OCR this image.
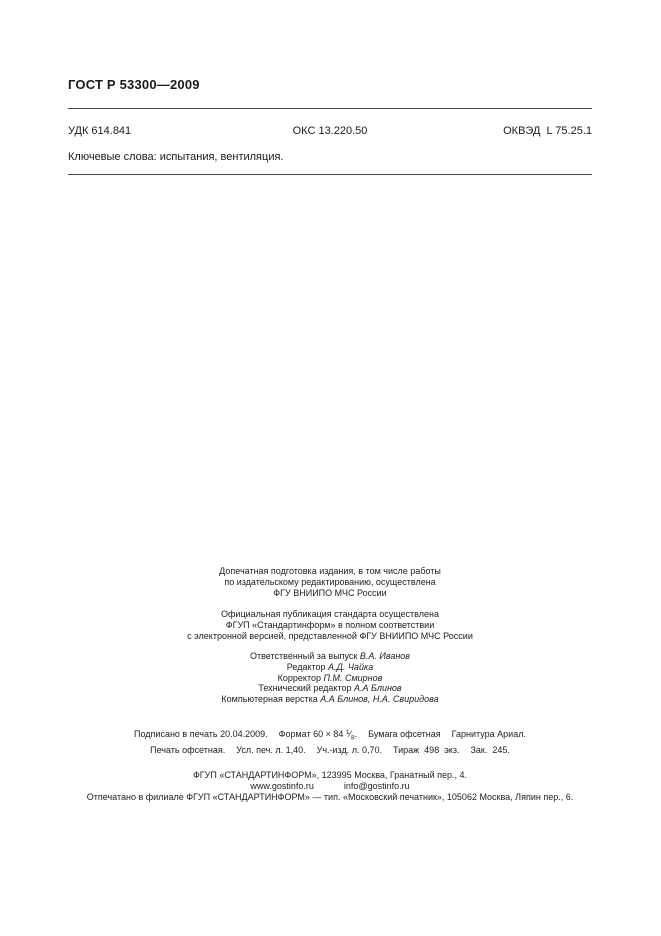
ГОСТ Р 53300—2009
УДК 614.841	ОКС 13.220.50	ОКВЭД  L 75.25.1
Ключевые слова: испытания, вентиляция.
Допечатная подготовка издания, в том числе работы
по издательскому редактированию, осуществлена
ФГУ ВНИИПО МЧС России
Официальная публикация стандарта осуществлена
ФГУП «Стандартинформ» в полном соответствии
с электронной версией, представленной ФГУ ВНИИПО МЧС России
Ответственный за выпуск В.А. Иванов
Редактор А.Д. Чайка
Корректор П.М. Смирнов
Технический редактор А.А Блинов
Компьютерная верстка А.А Блинов, Н.А. Свиридова
Подписано в печать 20.04.2009. Формат 60 × 84 $^1⁄_8$. Бумага офсетная Гарнитура Ариал.
Печать офсетная. Усл. печ. л. 1,40. Уч.-изд. л. 0,70. Тираж  498  экз. Зак.  245.
ФГУП «СТАНДАРТИНФОРМ», 123995 Москва, Гранатный пер., 4.
www.gostinfo.ru	info@gostinfo.ru
Отпечатано в филиале ФГУП «СТАНДАРТИНФОРМ» — тип. «Московский печатник», 105062 Москва, Ляпин пер., 6.
